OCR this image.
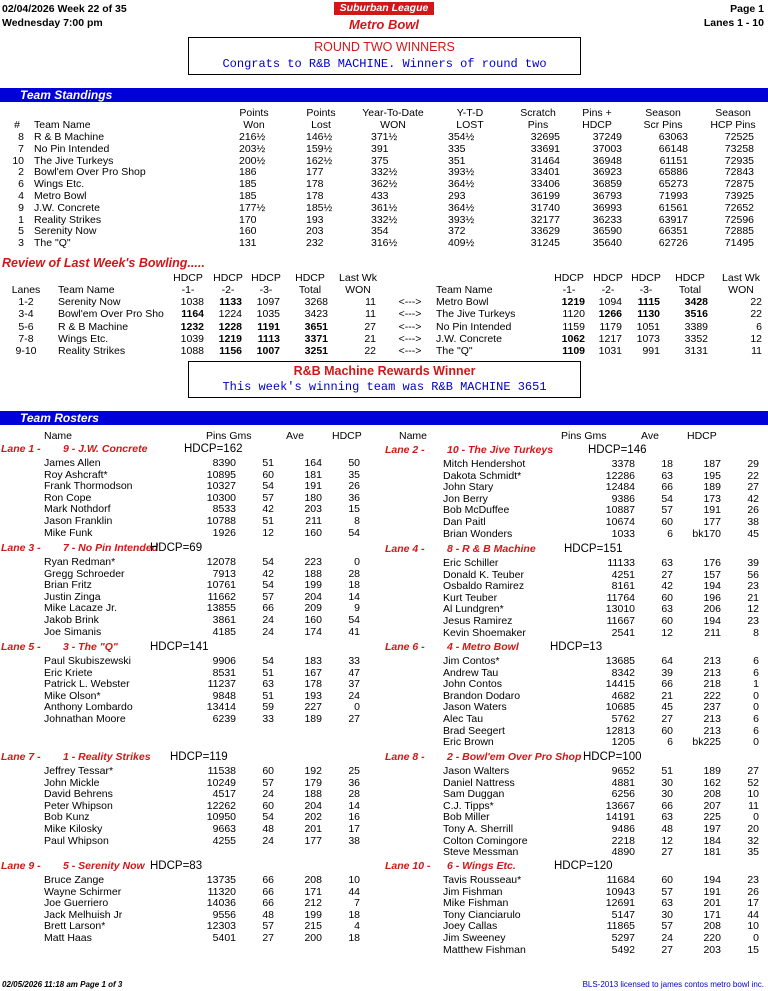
02/04/2026 Week 22 of 35
Wednesday 7:00 pm
Suburban League
Metro Bowl
Page 1
Lanes 1 - 10
ROUND TWO WINNERS
Congrats to R&B MACHINE. Winners of round two
Team Standings
Points	Points	Year-To-Date	Y-T-D	Scratch	Pins +	Season	Season
Won	Lost	WON	LOST	Pins	HDCP	Scr Pins	HCP Pins
#	Team Name
8 R & B Machine	216½	146½	371½	354½	32695	37249	63063	72525
7 No Pin Intended	203½	159½	391	335	33691	37003	66148	73258
10 The Jive Turkeys	200½	162½	375	351	31464	36948	61151	72935
2 Bowl'em Over Pro Shop	186	177	332½	393½	33401	36923	65886	72843
6 Wings Etc.	185	178	362½	364½	33406	36859	65273	72875
4 Metro Bowl	185	178	433	293	36199	36793	71993	73925
9 J.W. Concrete	177½	185½	361½	364½	31740	36993	61561	72652
1 Reality Strikes	170	193	332½	393½	32177	36233	63917	72596
5 Serenity Now	160	203	354	372	33629	36590	66351	72885
3 The "Q"	131	232	316½	409½	31245	35640	62726	71495
Review of Last Week's Bowling.....
HDCP HDCP HDCP	HDCP	Last Wk	HDCP HDCP HDCP	HDCP	Last Wk
Lanes	Team Name	Team Name
-1-	-2-	-3-	Total	WON	-1-	-2-	-3-	Total	WON
1-2	Serenity Now	1038	1133	1097	3268	11	<--->	Metro Bowl	1219	1094	1115	3428	22
3-4	Bowl'em Over Pro Sho	1164	1224	1035	3423	11	<--->	The Jive Turkeys	1120	1266	1130	3516	22
5-6	R & B Machine	1232	1228	1191	3651	27	<--->	No Pin Intended	1159	1179	1051	3389	6
7-8	Wings Etc.	1039	1219	1113	3371	21	<--->	J.W. Concrete	1062	1217	1073	3352	12
9-10	Reality Strikes	1088	1156	1007	3251	22	<--->	The "Q"	1109	1031	991	3131	11
R&B Machine Rewards Winner
This week's winning team was R&B MACHINE 3651
Team Rosters
Name	Pins Gms	Ave	HDCP	Name	Pins Gms	Ave	HDCP
Lane 1 - 9 - J.W. Concrete	HDCP=162
James Allen	8390	51	164	50
Roy Ashcraft*	10895	60	181	35
Frank Thormodson	10327	54	191	26
Ron Cope	10300	57	180	36
Mark Nothdorf	8533	42	203	15
Jason Franklin	10788	51	211	8
Mike Funk	1926	12	160	54
Lane 3 - 7 - No Pin Intended
HDCP=69
Ryan Redman*	12078	54	223	0
Gregg Schroeder	7913	42	188	28
Brian Fritz	10761	54	199	18
Justin Zinga	11662	57	204	14
Mike Lacaze Jr.	13855	66	209	9
Jakob Brink	3861	24	160	54
Joe Simanis	4185	24	174	41
Lane 5 - 3 - The "Q"	HDCP=141
Paul Skubiszewski	9906	54	183	33
Eric Kriete	8531	51	167	47
Patrick L. Webster	11237	63	178	37
Mike Olson*	9848	51	193	24
Anthony Lombardo	13414	59	227	0
Johnathan Moore	6239	33	189	27
Lane 7 - 1 - Reality Strikes HDCP=119
Jeffrey Tessar*	11538	60	192	25
John Mickle	10249	57	179	36
David Behrens	4517	24	188	28
Peter Whipson	12262	60	204	14
Bob Kunz	10950	54	202	16
Mike Kilosky	9663	48	201	17
Paul Whipson	4255	24	177	38
Lane 9 - 5 - Serenity Now HDCP=83
Bruce Zange	13735	66	208	10
Wayne Schirmer	11320	66	171	44
Joe Guerriero	14036	66	212	7
Jack Melhuish Jr	9556	48	199	18
Brett Larson*	12303	57	215	4
Matt Haas	5401	27	200	18
Lane 2 - 10 - The Jive Turkeys	HDCP=146
Mitch Hendershot	3378	18	187	29
Dakota Schmidt*	12286	63	195	22
John Stary	12484	66	189	27
Jon Berry	9386	54	173	42
Bob McDuffee	10887	57	191	26
Dan Paitl	10674	60	177	38
Brian Wonders	1033	6	bk170	45
Lane 4 - 8 - R & B Machine HDCP=151
Eric Schiller	11133	63	176	39
Donald K. Teuber	4251	27	157	56
Osbaldo Ramirez	8161	42	194	23
Kurt Teuber	11764	60	196	21
Al Lundgren*	13010	63	206	12
Jesus Ramirez	11667	60	194	23
Kevin Shoemaker	2541	12	211	8
Lane 6 - 4 - Metro Bowl	HDCP=13
Jim Contos*	13685	64	213	6
Andrew Tau	8342	39	213	6
John Contos	14415	66	218	1
Brandon Dodaro	4682	21	222	0
Jason Waters	10685	45	237	0
Alec Tau	5762	27	213	6
Brad Seegert	12813	60	213	6
Eric Brown	1205	6	bk225	0
Lane 8 - 2 - Bowl'em Over Pro Shop HDCP=100
Jason Walters	9652	51	189	27
Daniel Nattress	4881	30	162	52
Sam Duggan	6256	30	208	10
C.J. Tipps*	13667	66	207	11
Bob Miller	14191	63	225	0
Tony A. Sherrill	9486	48	197	20
Colton Comingore	2218	12	184	32
Steve Messman	4890	27	181	35
Lane 10 - 6 - Wings Etc.	HDCP=120
Tavis Rousseau*	11684	60	194	23
Jim Fishman	10943	57	191	26
Mike Fishman	12691	63	201	17
Tony Cianciarulo	5147	30	171	44
Joey Callas	11865	57	208	10
Jim Sweeney	5297	24	220	0
Matthew Fishman	5492	27	203	15
02/05/2026 11:18 am Page 1 of 3	BLS-2013 licensed to james contos metro bowl inc.
